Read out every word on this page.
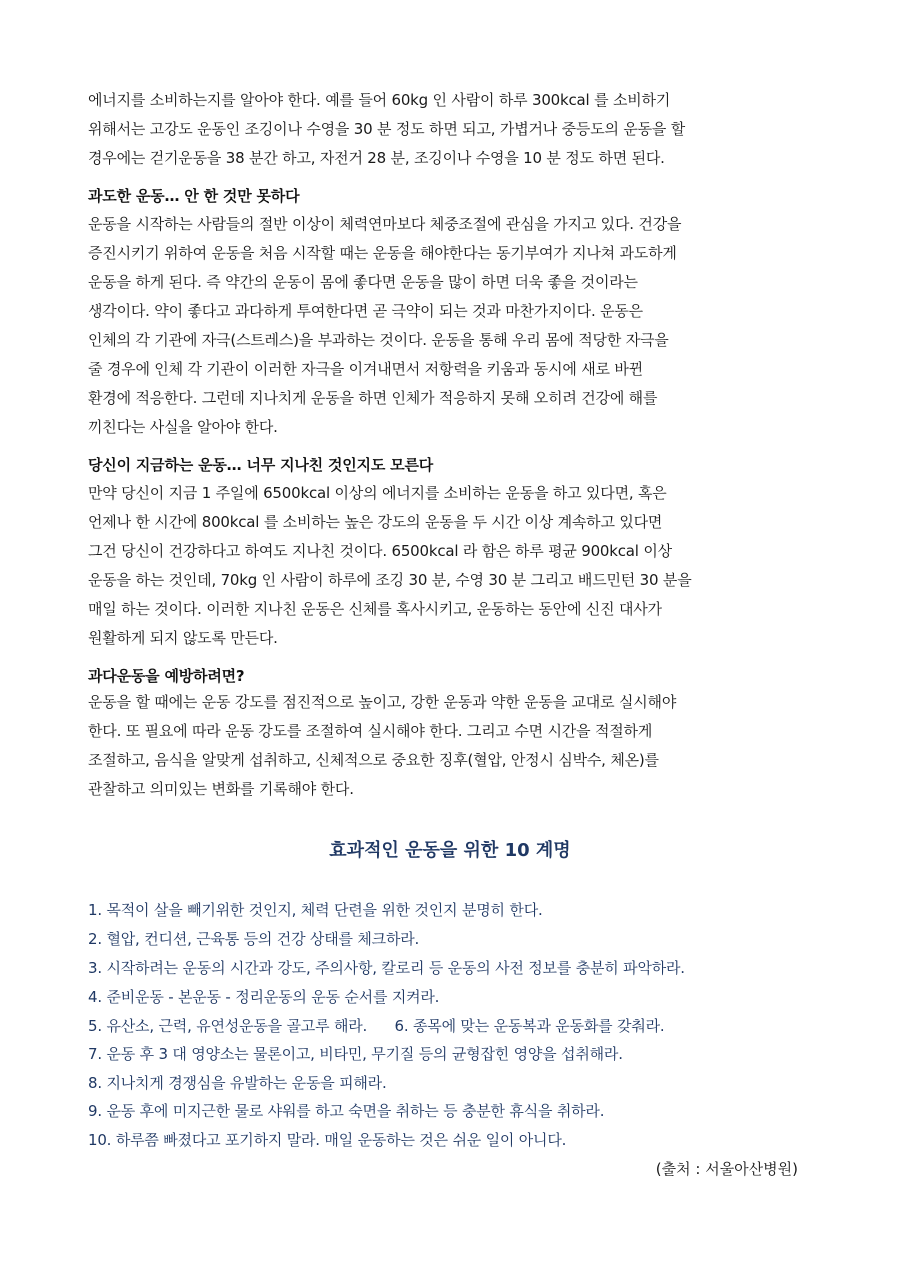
에너지를 소비하는지를 알아야 한다. 예를 들어 60kg 인 사람이 하루 300kcal 를 소비하기
위해서는 고강도 운동인 조깅이나 수영을 30 분 정도 하면 되고, 가볍거나 중등도의 운동을 할
경우에는 걷기운동을 38 분간 하고, 자전거 28 분, 조깅이나 수영을 10 분 정도 하면 된다.
과도한 운동… 안 한 것만 못하다
운동을 시작하는 사람들의 절반 이상이 체력연마보다 체중조절에 관심을 가지고 있다. 건강을
증진시키기 위하여 운동을 처음 시작할 때는 운동을 해야한다는 동기부여가 지나쳐 과도하게
운동을 하게 된다. 즉 약간의 운동이 몸에 좋다면 운동을 많이 하면 더욱 좋을 것이라는
생각이다. 약이 좋다고 과다하게 투여한다면 곧 극약이 되는 것과 마찬가지이다. 운동은
인체의 각 기관에 자극(스트레스)을 부과하는 것이다. 운동을 통해 우리 몸에 적당한 자극을
줄 경우에 인체 각 기관이 이러한 자극을 이겨내면서 저항력을 키움과 동시에 새로 바뀐
환경에 적응한다. 그런데 지나치게 운동을 하면 인체가 적응하지 못해 오히려 건강에 해를
끼친다는 사실을 알아야 한다.
당신이 지금하는 운동… 너무 지나친 것인지도 모른다
만약 당신이 지금 1 주일에 6500kcal 이상의 에너지를 소비하는 운동을 하고 있다면, 혹은
언제나 한 시간에 800kcal 를 소비하는 높은 강도의 운동을 두 시간 이상 계속하고 있다면
그건 당신이 건강하다고 하여도 지나친 것이다. 6500kcal 라 함은 하루 평균 900kcal 이상
운동을 하는 것인데, 70kg 인 사람이 하루에 조깅 30 분, 수영 30 분 그리고 배드민턴 30 분을
매일 하는 것이다. 이러한 지나친 운동은 신체를 혹사시키고, 운동하는 동안에 신진 대사가
원활하게 되지 않도록 만든다.
과다운동을 예방하려면?
운동을 할 때에는 운동 강도를 점진적으로 높이고, 강한 운동과 약한 운동을 교대로 실시해야
한다. 또 필요에 따라 운동 강도를 조절하여 실시해야 한다. 그리고 수면 시간을 적절하게
조절하고, 음식을 알맞게 섭취하고, 신체적으로 중요한 징후(혈압, 안정시 심박수, 체온)를
관찰하고 의미있는 변화를 기록해야 한다.
효과적인 운동을 위한 10 계명
1. 목적이 살을 빼기위한 것인지, 체력 단련을 위한 것인지 분명히 한다.
2. 혈압, 컨디션, 근육통 등의 건강 상태를 체크하라.
3. 시작하려는 운동의 시간과 강도, 주의사항, 칼로리 등 운동의 사전 정보를 충분히 파악하라.
4. 준비운동 - 본운동 - 정리운동의 운동 순서를 지켜라.
5. 유산소, 근력, 유연성운동을 골고루 해라.      6. 종목에 맞는 운동복과 운동화를 갖춰라.
7. 운동 후 3 대 영양소는 물론이고, 비타민, 무기질 등의 균형잡힌 영양을 섭취해라.
8. 지나치게 경쟁심을 유발하는 운동을 피해라.
9. 운동 후에 미지근한 물로 샤워를 하고 숙면을 취하는 등 충분한 휴식을 취하라.
10. 하루쯤 빠졌다고 포기하지 말라. 매일 운동하는 것은 쉬운 일이 아니다.
(출처 : 서울아산병원)
